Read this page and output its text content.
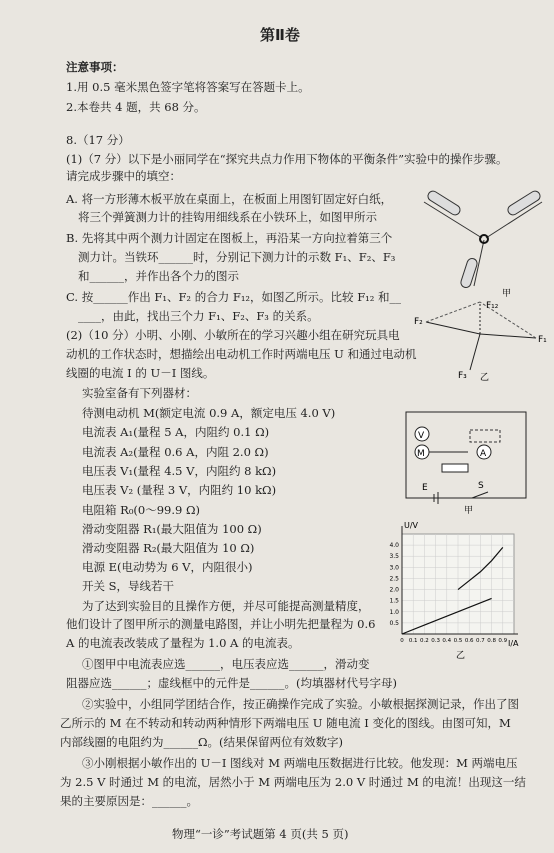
第Ⅱ卷
注意事项：
1.用 0.5 毫米黑色签字笔将答案写在答题卡上。
2.本卷共 4 题，共 68 分。
8.（17 分）
(1)（7 分）以下是小丽同学在“探究共点力作用下物体的平衡条件”实验中的操作步骤。
请完成步骤中的填空：
A. 将一方形薄木板平放在桌面上，在板面上用图钉固定好白纸，
将三个弹簧测力计的挂钩用细线系在小铁环上，如图甲所示
B. 先将其中两个测力计固定在图板上，再沿某一方向拉着第三个
测力计。当铁环______时，分别记下测力计的示数 F₁、F₂、F₃
和______，并作出各个力的图示
C. 按______作出 F₁、F₂ 的合力 F₁₂，如图乙所示。比较 F₁₂ 和__
____，由此，找出三个力 F₁、F₂、F₃ 的关系。
(2)（10 分）小明、小刚、小敏所在的学习兴趣小组在研究玩具电
动机的工作状态时，想描绘出电动机工作时两端电压 U 和通过电动机
线圈的电流 I 的 U－I 图线。
实验室备有下列器材：
待测电动机 M(额定电流 0.9 A，额定电压 4.0 V)
电流表 A₁(量程 5 A，内阻约 0.1 Ω)
电流表 A₂(量程 0.6 A，内阻 2.0 Ω)
电压表 V₁(量程 4.5 V，内阻约 8 kΩ)
电压表 V₂ (量程 3 V，内阻约 10 kΩ)
电阻箱 R₀(0～99.9 Ω)
滑动变阻器 R₁(最大阻值为 100 Ω)
滑动变阻器 R₂(最大阻值为 10 Ω)
电源 E(电动势为 6 V，内阻很小)
开关 S，导线若干
为了达到实验目的且操作方便，并尽可能提高测量精度，
他们设计了图甲所示的测量电路图，并让小明先把量程为 0.6
A 的电流表改装成了量程为 1.0 A 的电流表。
①图甲中电流表应选______，电压表应选______，滑动变
阻器应选______；虚线框中的元件是______。(均填器材代号字母)
②实验中，小组同学团结合作，按正确操作完成了实验。小敏根据探测记录，作出了图
乙所示的 M 在不转动和转动两种情形下两端电压 U 随电流 I 变化的图线。由图可知，M
内部线圈的电阻约为______Ω。(结果保留两位有效数字)
③小刚根据小敏作出的 U－I 图线对 M 两端电压数据进行比较。他发现：M 两端电压
为 2.5 V 时通过 M 的电流，居然小于 M 两端电压为 2.0 V 时通过 M 的电流！出现这一结
果的主要原因是：______。
物理“一诊”考试题第 4 页(共 5 页)
甲
F₂
F₁
F₁₂
F₃ 乙
V
M	A
E	S
甲
0.5
1.0
1.5
2.0
2.5
3.0
3.5
4.0
0 0.1 0.2 0.3 0.4 0.5 0.6 0.7 0.8 0.9
U/V
I/A
乙
